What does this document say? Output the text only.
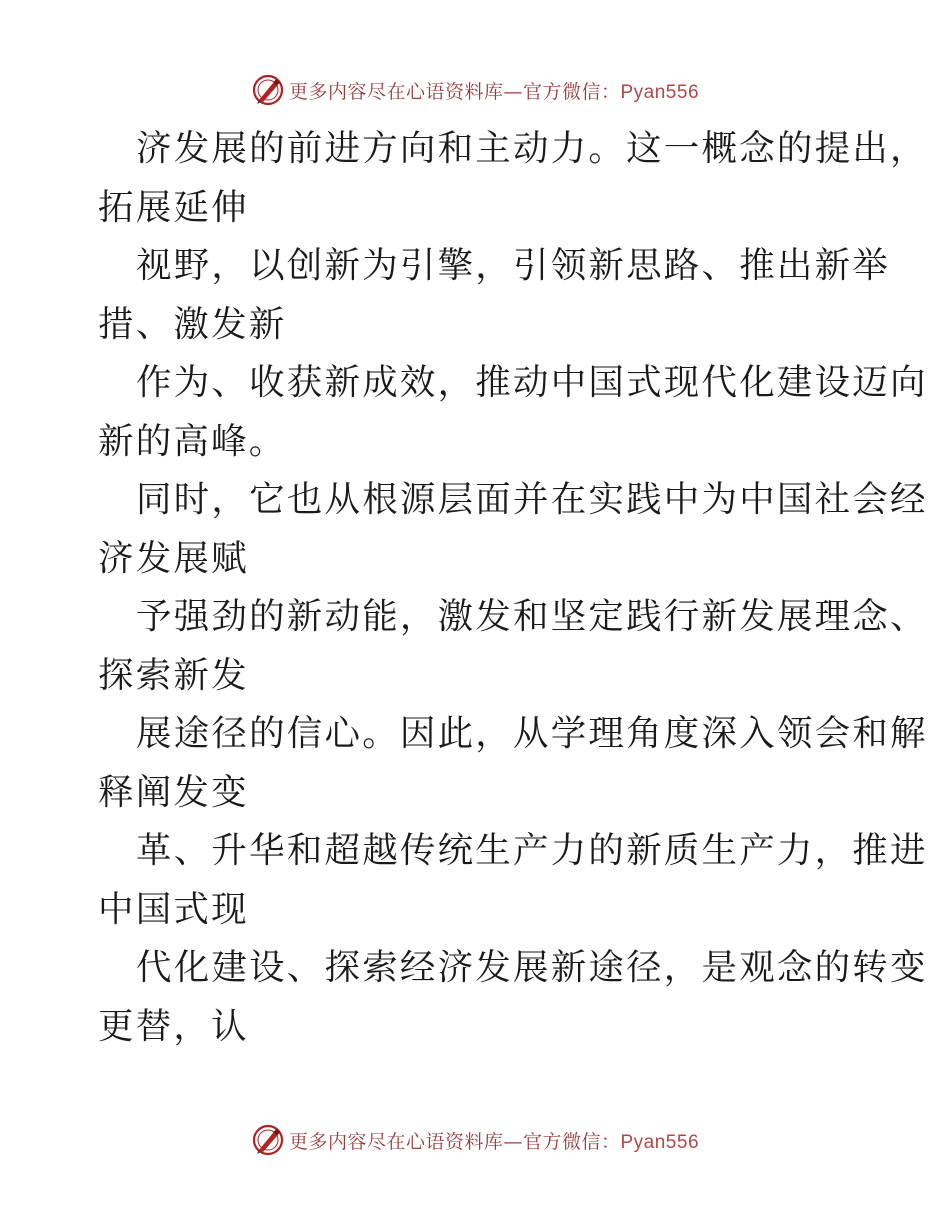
更多内容尽在心语资料库—官方微信：Pyan556
济发展的前进方向和主动力。这一概念的提出，
拓展延伸
视野，以创新为引擎，引领新思路、推出新举
措、激发新
作为、收获新成效，推动中国式现代化建设迈向
新的高峰。
同时，它也从根源层面并在实践中为中国社会经
济发展赋
予强劲的新动能，激发和坚定践行新发展理念、
探索新发
展途径的信心。因此，从学理角度深入领会和解
释阐发变
革、升华和超越传统生产力的新质生产力，推进
中国式现
代化建设、探索经济发展新途径，是观念的转变
更替，认
更多内容尽在心语资料库—官方微信：Pyan556
